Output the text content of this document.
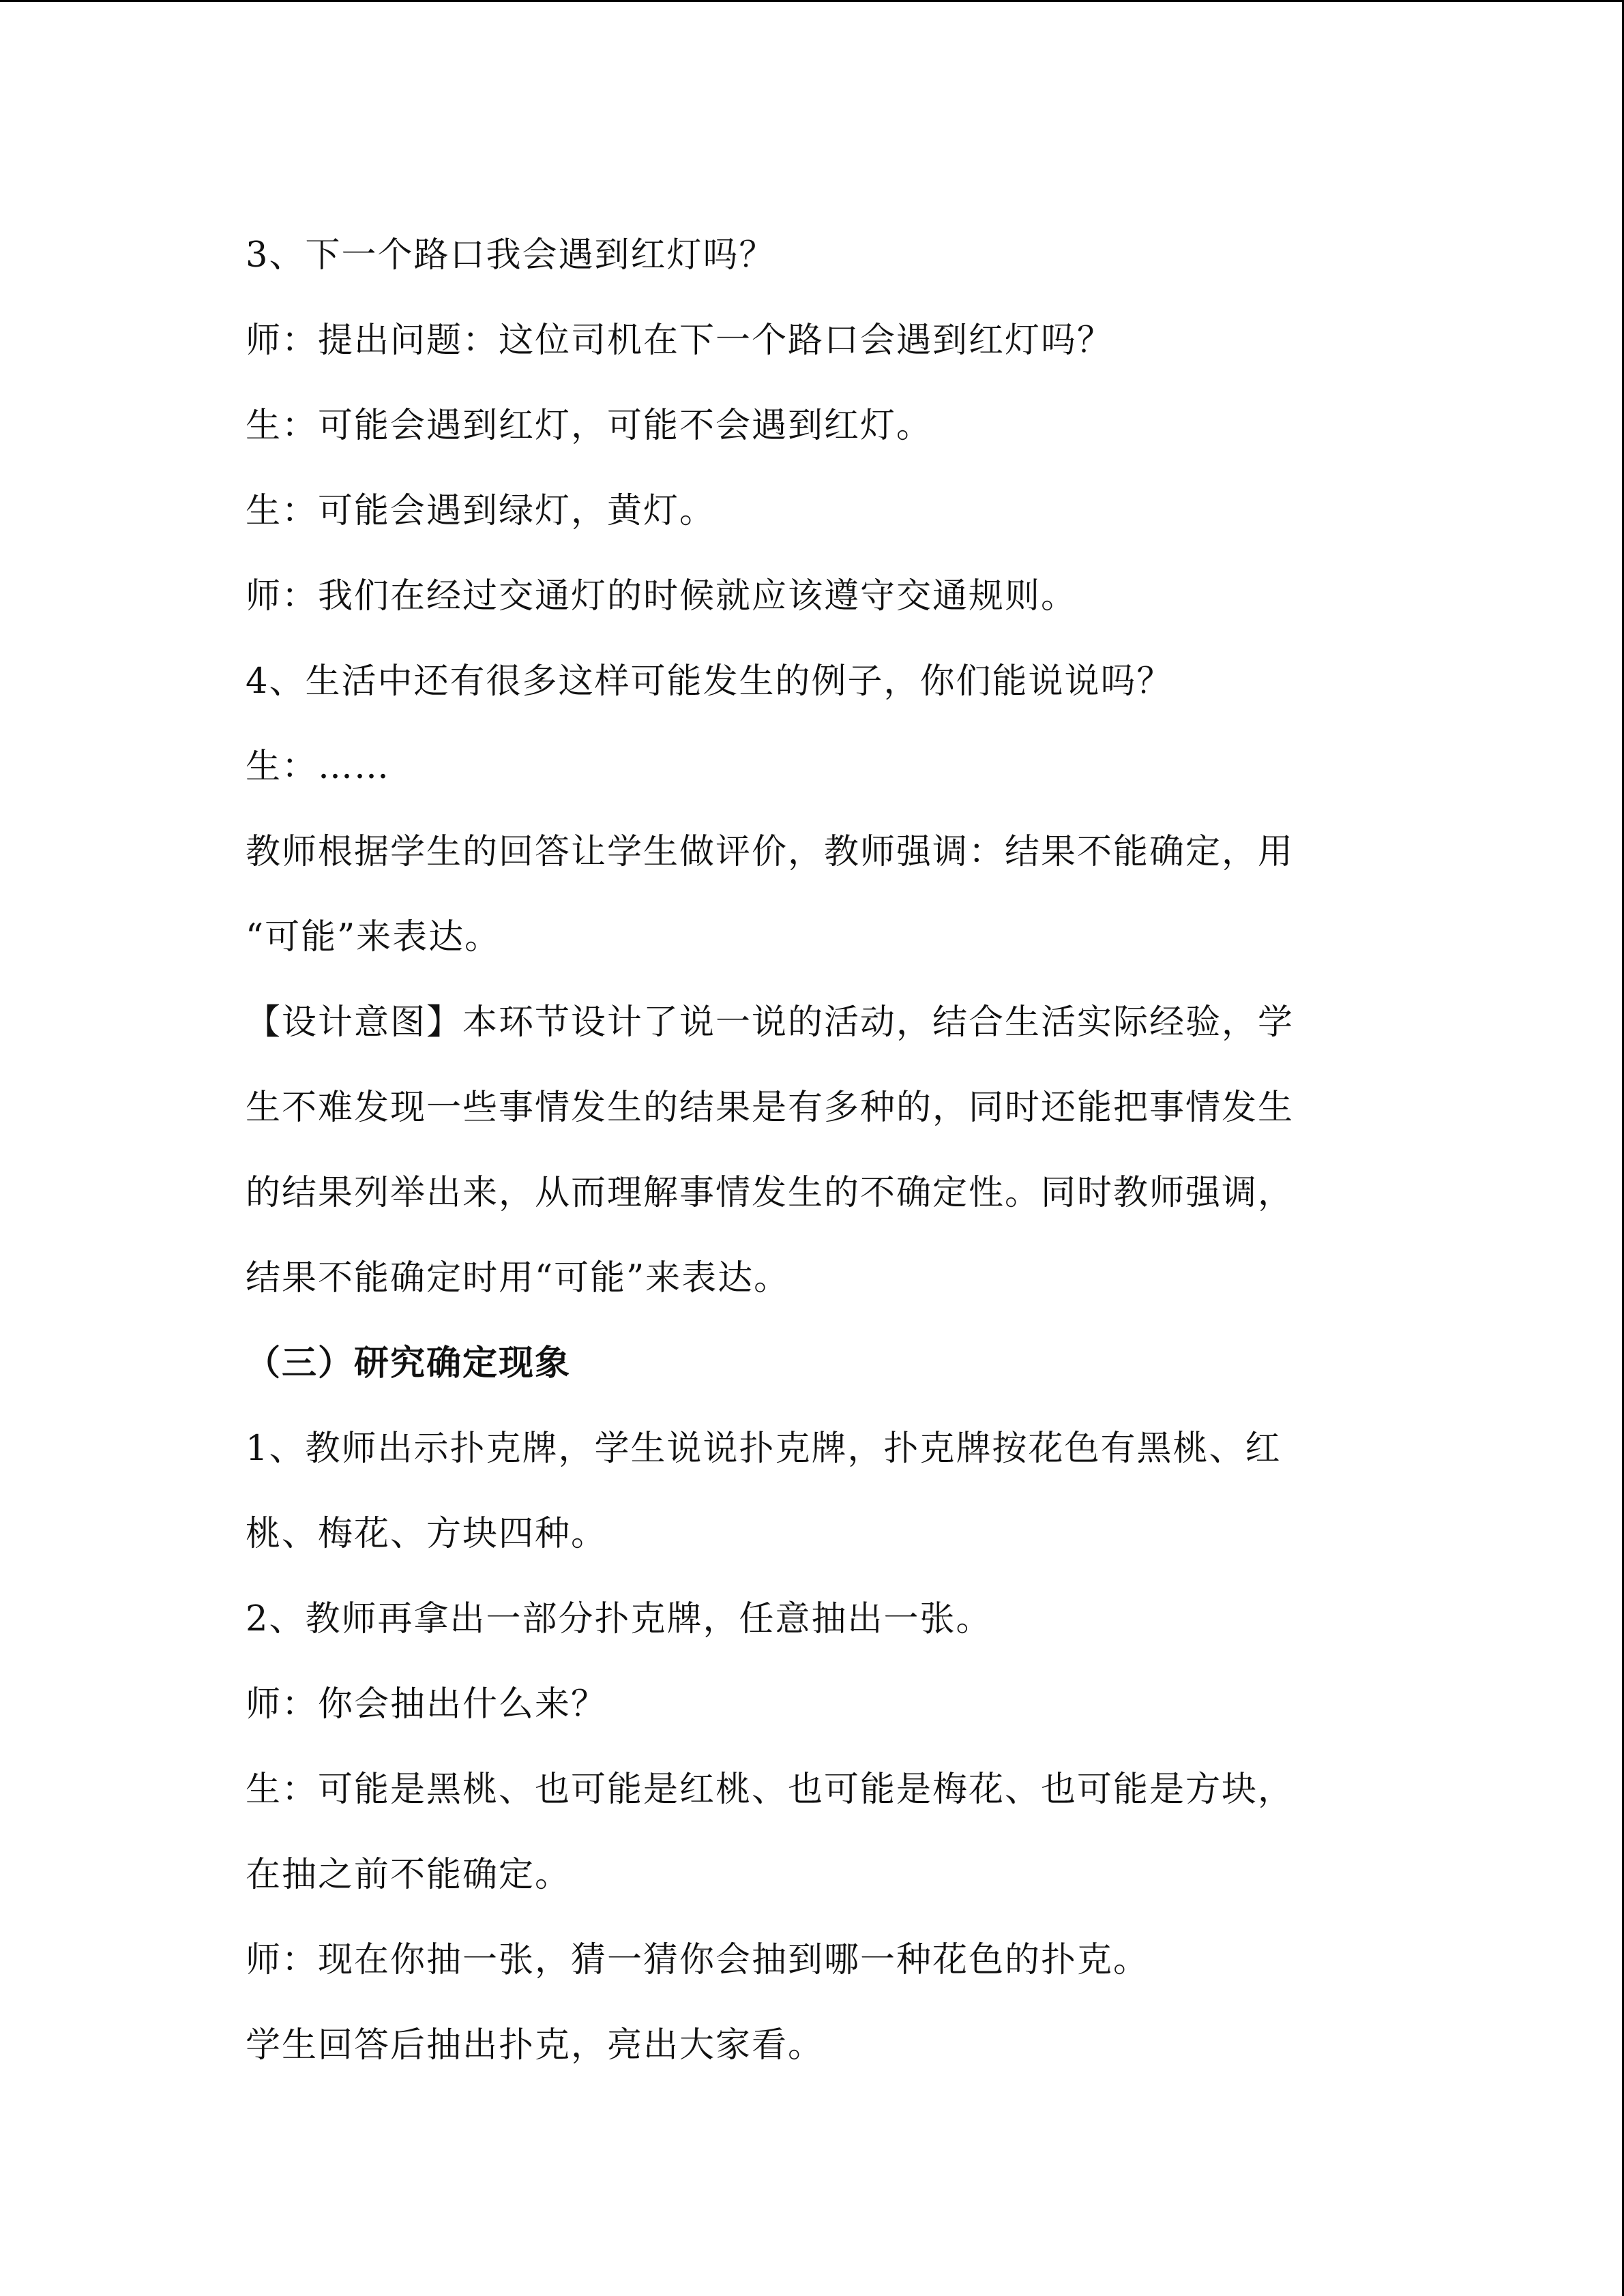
3、下一个路口我会遇到红灯吗？
师：提出问题：这位司机在下一个路口会遇到红灯吗？
生：可能会遇到红灯，可能不会遇到红灯。
生：可能会遇到绿灯，黄灯。
师：我们在经过交通灯的时候就应该遵守交通规则。
4、生活中还有很多这样可能发生的例子，你们能说说吗？
生：……
教师根据学生的回答让学生做评价，教师强调：结果不能确定，用
“可能”来表达。
【设计意图】本环节设计了说一说的活动，结合生活实际经验，学
生不难发现一些事情发生的结果是有多种的，同时还能把事情发生
的结果列举出来，从而理解事情发生的不确定性。同时教师强调，
结果不能确定时用“可能”来表达。
（三）研究确定现象
1、教师出示扑克牌，学生说说扑克牌，扑克牌按花色有黑桃、红
桃、梅花、方块四种。
2、教师再拿出一部分扑克牌，任意抽出一张。
师：你会抽出什么来？
生：可能是黑桃、也可能是红桃、也可能是梅花、也可能是方块，
在抽之前不能确定。
师：现在你抽一张，猜一猜你会抽到哪一种花色的扑克。
学生回答后抽出扑克，亮出大家看。
